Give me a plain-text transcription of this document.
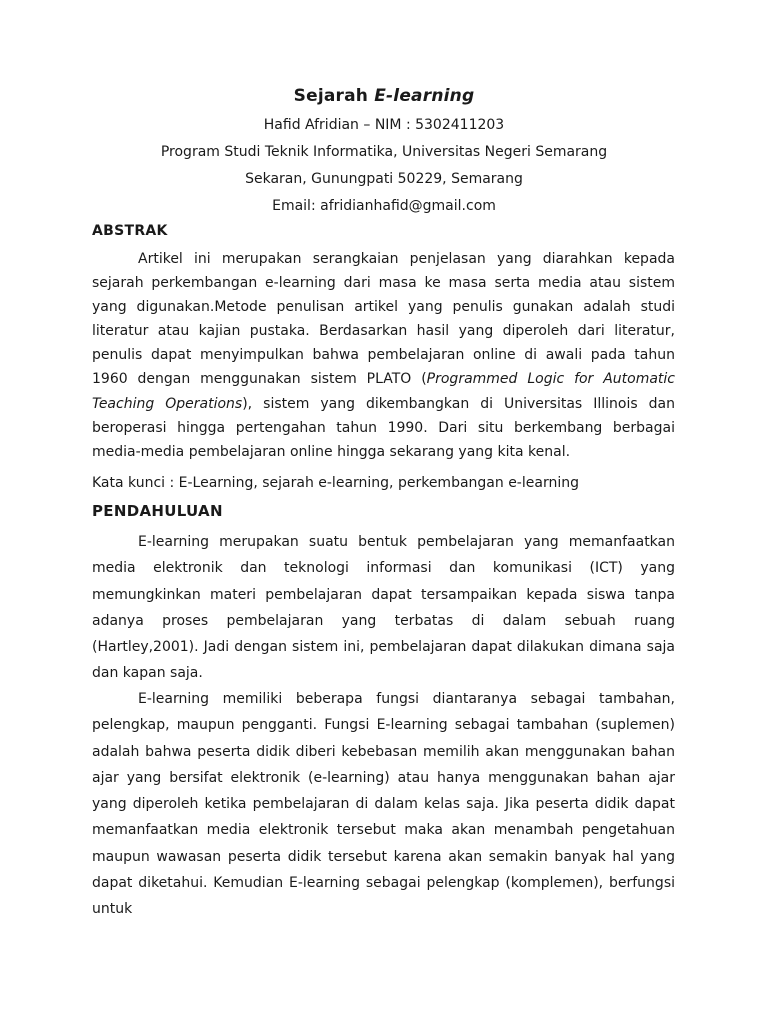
Sejarah E-learning
Hafid Afridian – NIM : 5302411203
Program Studi Teknik Informatika, Universitas Negeri Semarang
Sekaran, Gunungpati 50229, Semarang
Email: afridianhafid@gmail.com
ABSTRAK
Artikel ini merupakan serangkaian penjelasan yang diarahkan kepada sejarah perkembangan e-learning dari masa ke masa serta media atau sistem yang digunakan.Metode penulisan artikel yang penulis gunakan adalah studi literatur atau kajian pustaka. Berdasarkan hasil yang diperoleh dari literatur, penulis dapat menyimpulkan bahwa pembelajaran online di awali pada tahun 1960 dengan menggunakan sistem PLATO (Programmed Logic for Automatic Teaching Operations), sistem yang dikembangkan di Universitas Illinois dan beroperasi hingga pertengahan tahun 1990. Dari situ berkembang berbagai media-media pembelajaran online hingga sekarang yang kita kenal.
Kata kunci : E-Learning, sejarah e-learning, perkembangan e-learning
PENDAHULUAN
E-learning merupakan suatu bentuk pembelajaran yang memanfaatkan media elektronik dan teknologi informasi dan komunikasi (ICT) yang memungkinkan materi pembelajaran dapat tersampaikan kepada siswa tanpa adanya proses pembelajaran yang terbatas di dalam sebuah ruang (Hartley,2001). Jadi dengan sistem ini, pembelajaran dapat dilakukan dimana saja dan kapan saja.
E-learning memiliki beberapa fungsi diantaranya sebagai tambahan, pelengkap, maupun pengganti. Fungsi E-learning sebagai tambahan (suplemen) adalah bahwa peserta didik diberi kebebasan memilih akan menggunakan bahan ajar yang bersifat elektronik (e-learning) atau hanya menggunakan bahan ajar yang diperoleh ketika pembelajaran di dalam kelas saja. Jika peserta didik dapat memanfaatkan media elektronik tersebut maka akan menambah pengetahuan maupun wawasan peserta didik tersebut karena akan semakin banyak hal yang dapat diketahui. Kemudian E-learning sebagai pelengkap (komplemen), berfungsi untuk
